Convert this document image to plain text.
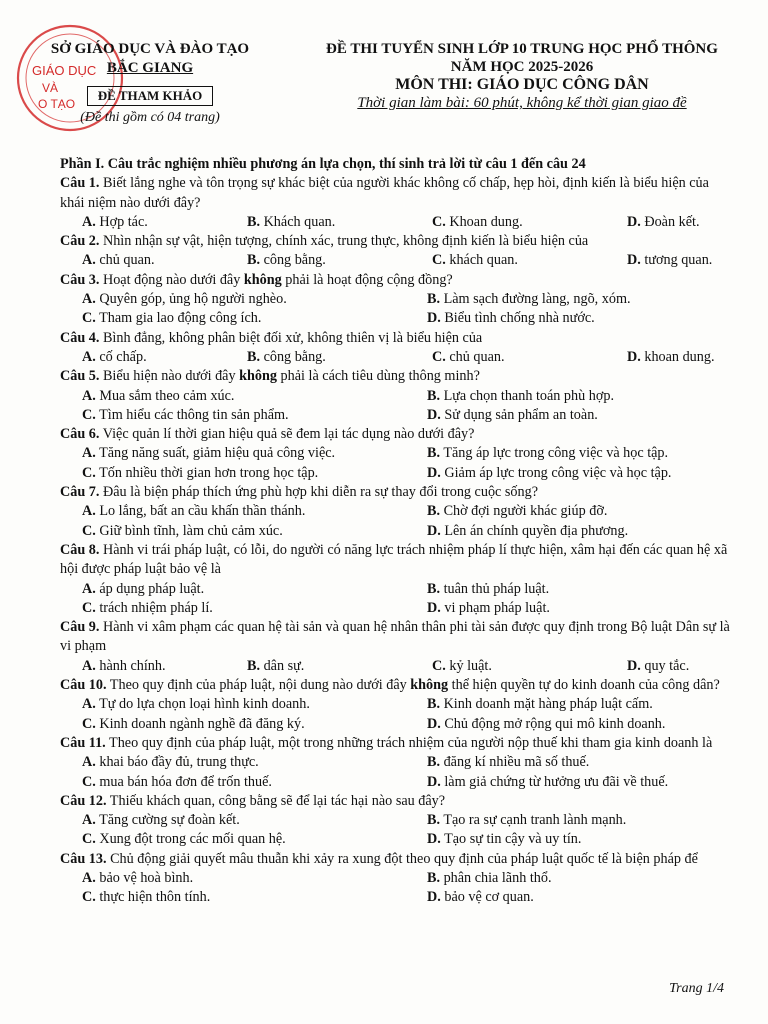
GIÁO DỤC
VÀ
O TẠO
SỞ GIÁO DỤC VÀ ĐÀO TẠO
BẮC GIANG
ĐỀ THAM KHẢO
(Đề thi gồm có 04 trang)
ĐỀ THI TUYỂN SINH LỚP 10 TRUNG HỌC PHỔ THÔNG
NĂM HỌC 2025-2026
MÔN THI: GIÁO DỤC CÔNG DÂN
Thời gian làm bài: 60 phút, không kể thời gian giao đề
Phần I. Câu trắc nghiệm nhiều phương án lựa chọn, thí sinh trả lời từ câu 1 đến câu 24
Câu 1. Biết lắng nghe và tôn trọng sự khác biệt của người khác không cố chấp, hẹp hòi, định kiến là biểu hiện của khái niệm nào dưới đây?
A. Hợp tác.	B. Khách quan.	C. Khoan dung.	D. Đoàn kết.
Câu 2. Nhìn nhận sự vật, hiện tượng, chính xác, trung thực, không định kiến là biểu hiện của
A. chủ quan.	B. công bằng.	C. khách quan.	D. tương quan.
Câu 3. Hoạt động nào dưới đây không phải là hoạt động cộng đồng?
A. Quyên góp, ủng hộ người nghèo.	B. Làm sạch đường làng, ngõ, xóm.
C. Tham gia lao động công ích.	D. Biểu tình chống nhà nước.
Câu 4. Bình đẳng, không phân biệt đối xử, không thiên vị là biểu hiện của
A. cố chấp.	B. công bằng.	C. chủ quan.	D. khoan dung.
Câu 5. Biểu hiện nào dưới đây không phải là cách tiêu dùng thông minh?
A. Mua sắm theo cảm xúc.	B. Lựa chọn thanh toán phù hợp.
C. Tìm hiểu các thông tin sản phẩm.	D. Sử dụng sản phẩm an toàn.
Câu 6. Việc quản lí thời gian hiệu quả sẽ đem lại tác dụng nào dưới đây?
A. Tăng năng suất, giảm hiệu quả công việc.	B. Tăng áp lực trong công việc và học tập.
C. Tốn nhiều thời gian hơn trong học tập.	D. Giảm áp lực trong công việc và học tập.
Câu 7. Đâu là biện pháp thích ứng phù hợp khi diễn ra sự thay đổi trong cuộc sống?
A. Lo lắng, bất an cầu khấn thần thánh.	B. Chờ đợi người khác giúp đỡ.
C. Giữ bình tĩnh, làm chủ cảm xúc.	D. Lên án chính quyền địa phương.
Câu 8. Hành vi trái pháp luật, có lỗi, do người có năng lực trách nhiệm pháp lí thực hiện, xâm hại đến các quan hệ xã hội được pháp luật bảo vệ là
A. áp dụng pháp luật.	B. tuân thủ pháp luật.
C. trách nhiệm pháp lí.	D. vi phạm pháp luật.
Câu 9. Hành vi xâm phạm các quan hệ tài sản và quan hệ nhân thân phi tài sản được quy định trong Bộ luật Dân sự là vi phạm
A. hành chính.	B. dân sự.	C. kỷ luật.	D. quy tắc.
Câu 10. Theo quy định của pháp luật, nội dung nào dưới đây không thể hiện quyền tự do kinh doanh của công dân?
A. Tự do lựa chọn loại hình kinh doanh.	B. Kinh doanh mặt hàng pháp luật cấm.
C. Kinh doanh ngành nghề đã đăng ký.	D. Chủ động mở rộng qui mô kinh doanh.
Câu 11. Theo quy định của pháp luật, một trong những trách nhiệm của người nộp thuế khi tham gia kinh doanh là
A. khai báo đầy đủ, trung thực.	B. đăng kí nhiều mã số thuế.
C. mua bán hóa đơn để trốn thuế.	D. làm giả chứng từ hưởng ưu đãi về thuế.
Câu 12. Thiếu khách quan, công bằng sẽ để lại tác hại nào sau đây?
A. Tăng cường sự đoàn kết.	B. Tạo ra sự cạnh tranh lành mạnh.
C. Xung đột trong các mối quan hệ.	D. Tạo sự tin cậy và uy tín.
Câu 13. Chủ động giải quyết mâu thuẫn khi xảy ra xung đột theo quy định của pháp luật quốc tế là biện pháp để
A. bảo vệ hoà bình.	B. phân chia lãnh thổ.
C. thực hiện thôn tính.	D. bảo vệ cơ quan.
Trang 1/4
